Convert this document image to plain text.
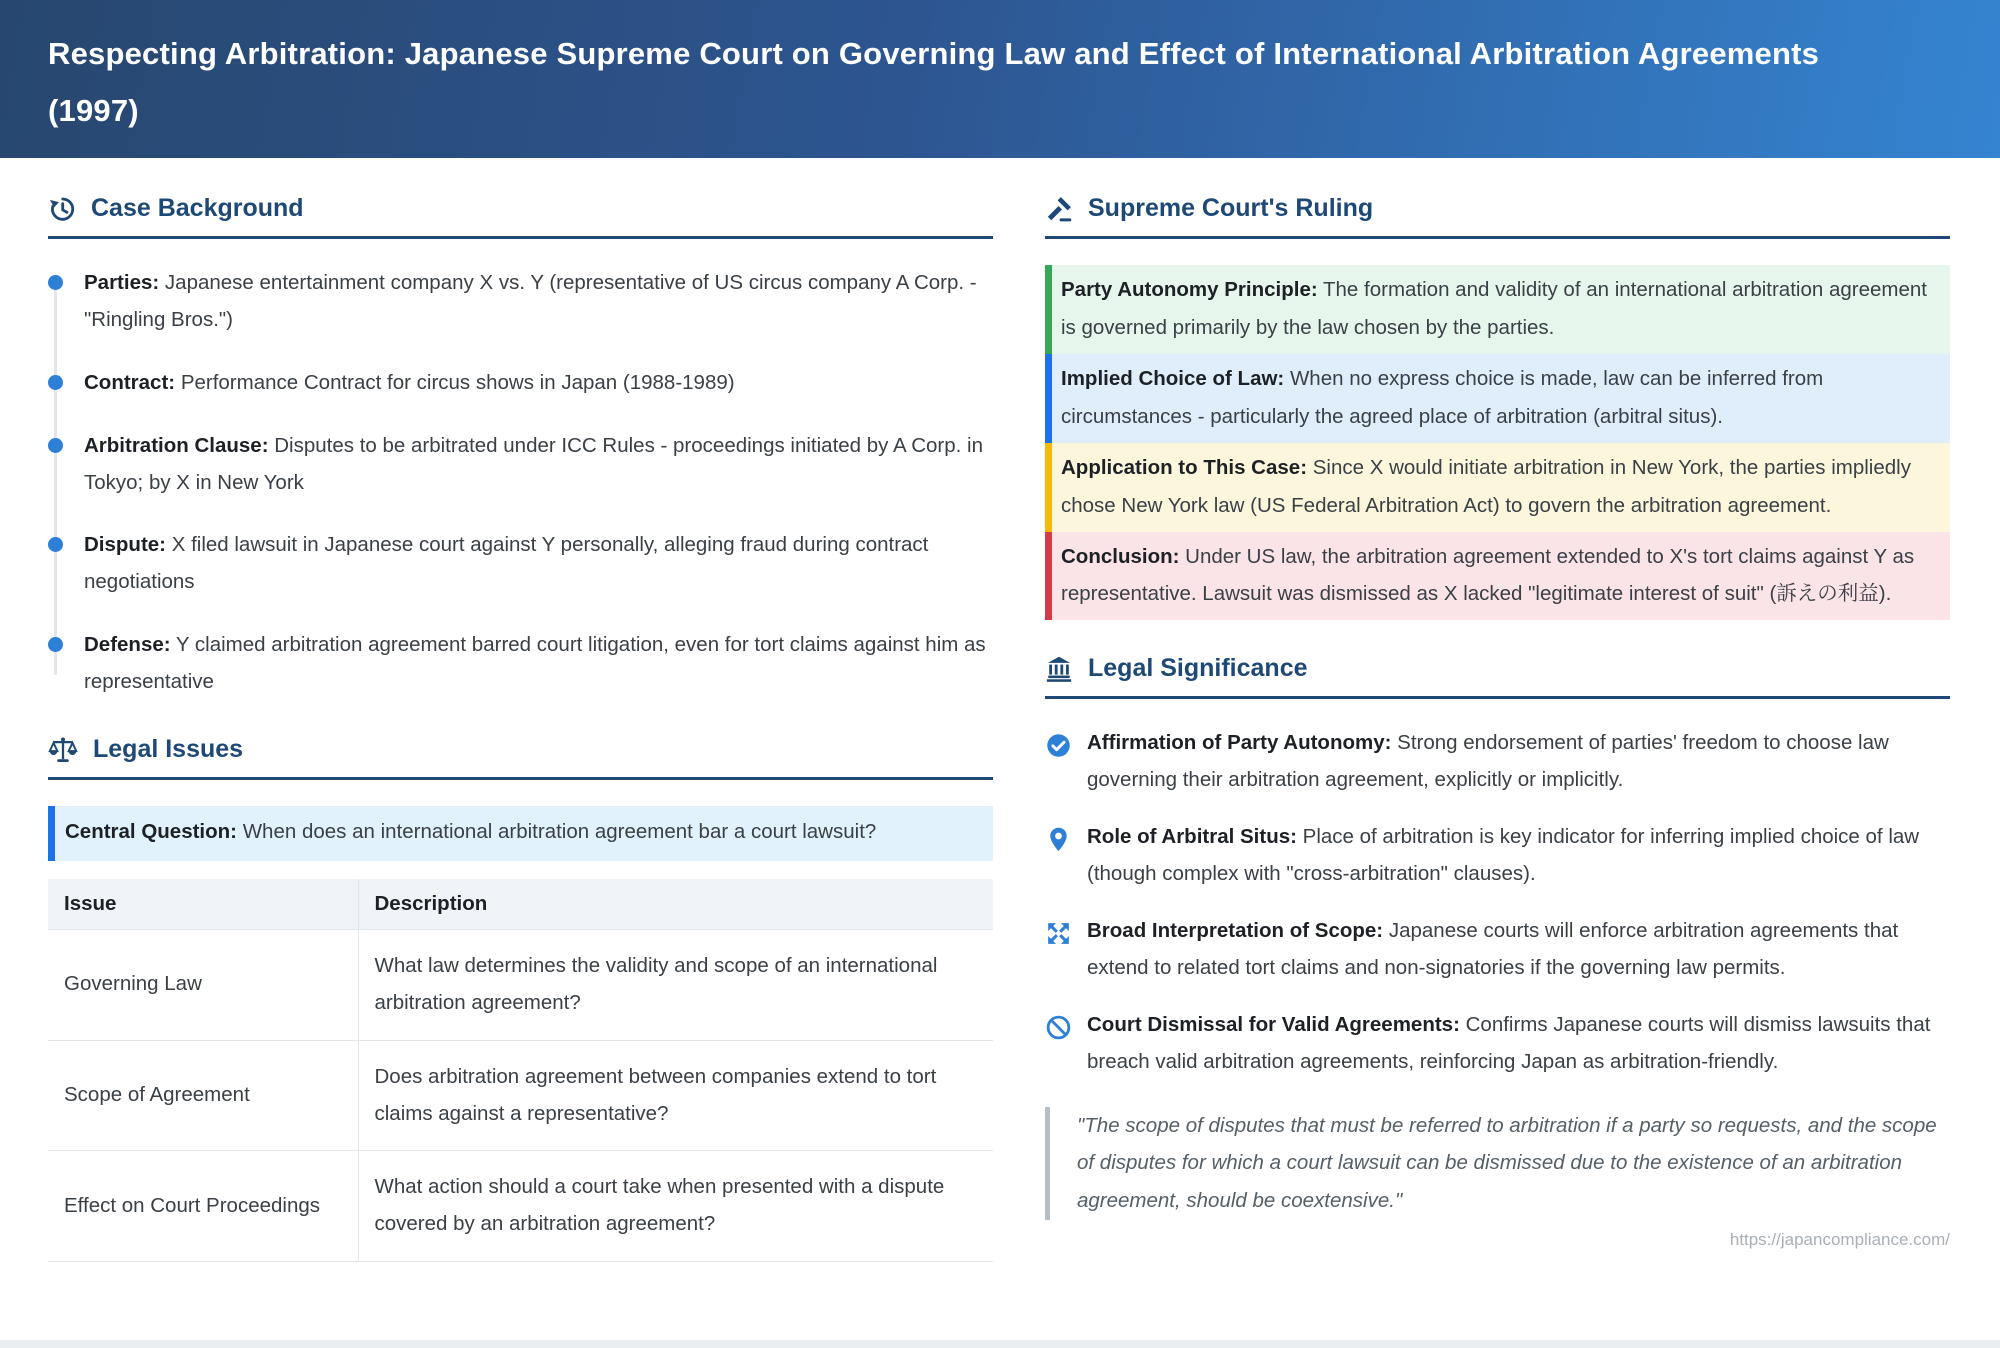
Respecting Arbitration: Japanese Supreme Court on Governing Law and Effect of International Arbitration Agreements (1997)
Case Background
Parties: Japanese entertainment company X vs. Y (representative of US circus company A Corp. - "Ringling Bros.")
Contract: Performance Contract for circus shows in Japan (1988-1989)
Arbitration Clause: Disputes to be arbitrated under ICC Rules - proceedings initiated by A Corp. in Tokyo; by X in New York
Dispute: X filed lawsuit in Japanese court against Y personally, alleging fraud during contract negotiations
Defense: Y claimed arbitration agreement barred court litigation, even for tort claims against him as representative
Legal Issues
Central Question: When does an international arbitration agreement bar a court lawsuit?
Issue	Description
Governing Law	What law determines the validity and scope of an international arbitration agreement?
Scope of Agreement	Does arbitration agreement between companies extend to tort claims against a representative?
Effect on Court Proceedings	What action should a court take when presented with a dispute covered by an arbitration agreement?
Supreme Court's Ruling

Party Autonomy Principle: The formation and validity of an international arbitration agreement is governed primarily by the law chosen by the parties.

Implied Choice of Law: When no express choice is made, law can be inferred from circumstances - particularly the agreed place of arbitration (arbitral situs).

Application to This Case: Since X would initiate arbitration in New York, the parties impliedly chose New York law (US Federal Arbitration Act) to govern the arbitration agreement.

Conclusion: Under US law, the arbitration agreement extended to X's tort claims against Y as representative. Lawsuit was dismissed as X lacked "legitimate interest of suit" (訴えの利益).

Legal Significance
Affirmation of Party Autonomy: Strong endorsement of parties' freedom to choose law governing their arbitration agreement, explicitly or implicitly.
Role of Arbitral Situs: Place of arbitration is key indicator for inferring implied choice of law (though complex with "cross-arbitration" clauses).
Broad Interpretation of Scope: Japanese courts will enforce arbitration agreements that extend to related tort claims and non-signatories if the governing law permits.
Court Dismissal for Valid Agreements: Confirms Japanese courts will dismiss lawsuits that breach valid arbitration agreements, reinforcing Japan as arbitration-friendly.
"The scope of disputes that must be referred to arbitration if a party so requests, and the scope of disputes for which a court lawsuit can be dismissed due to the existence of an arbitration agreement, should be coextensive."
https://japancompliance.com/
